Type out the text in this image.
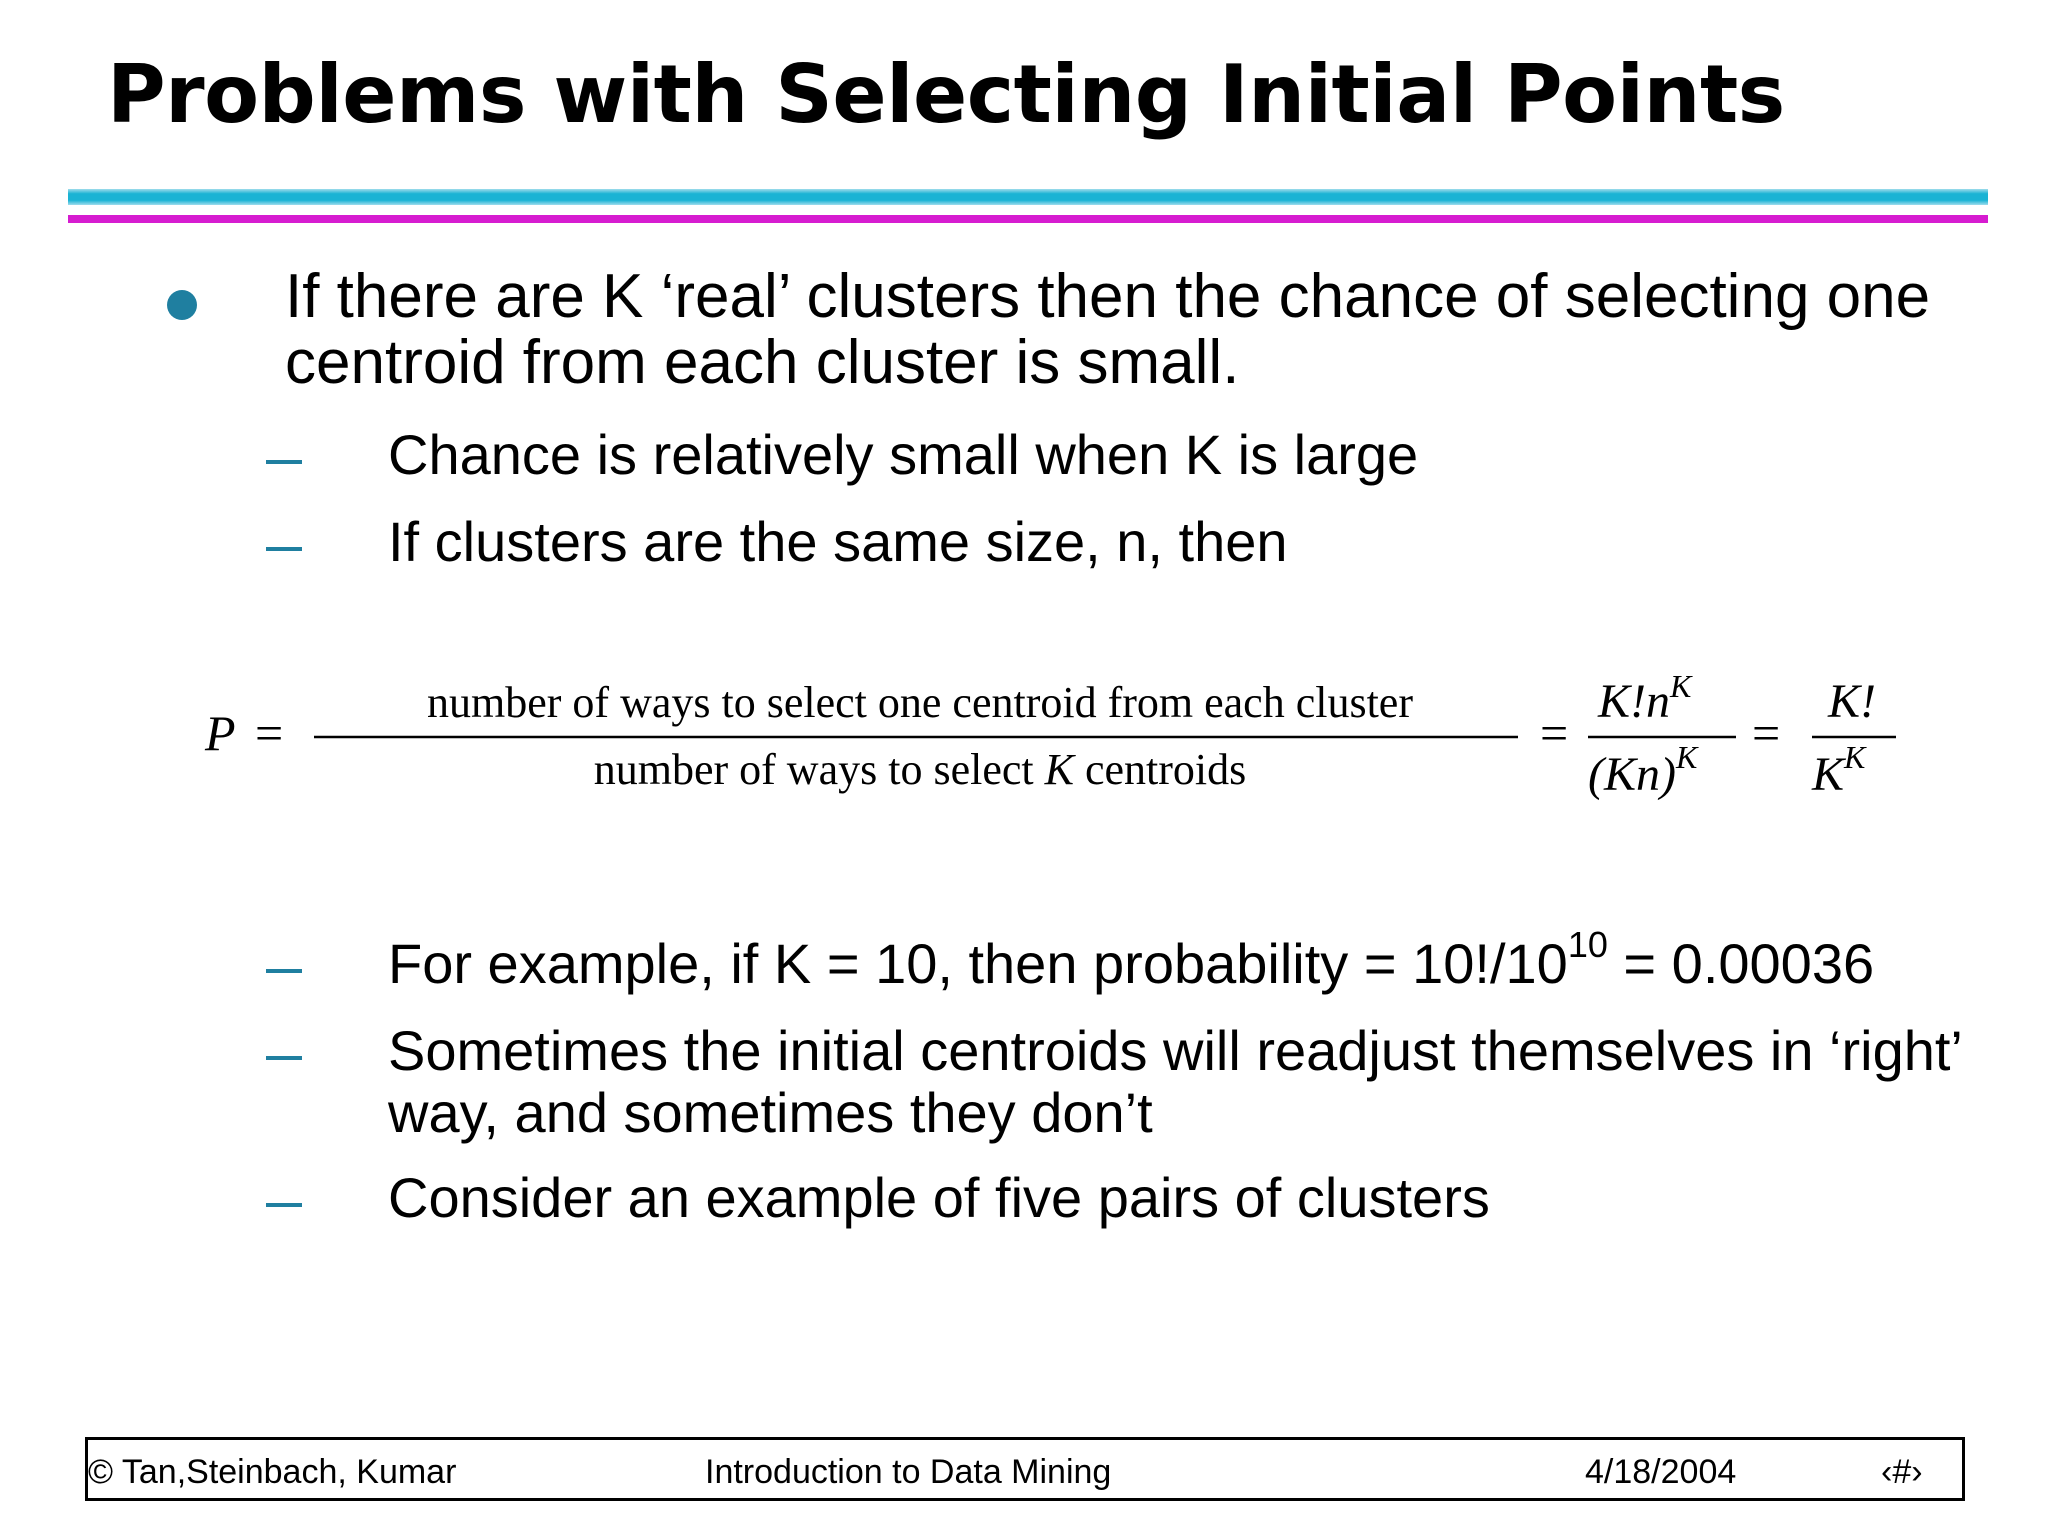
Problems with Selecting Initial Points
If there are K ‘real’ clusters then the chance of selecting one centroid from each cluster is small.
Chance is relatively small when K is large
If clusters are the same size, n, then
P =
number of ways to select one centroid from each cluster
number of ways to select K centroids
=
$K!n^K$
$(Kn)^K$ =
K!
$K^K$
For example, if K = 10, then probability = $10!/10^{10} = 0.00036$
Sometimes the initial centroids will readjust themselves in ‘right’ way, and sometimes they don’t
Consider an example of five pairs of clusters
© Tan,Steinbach, Kumar	Introduction to Data Mining	4/18/2004	‹#›
